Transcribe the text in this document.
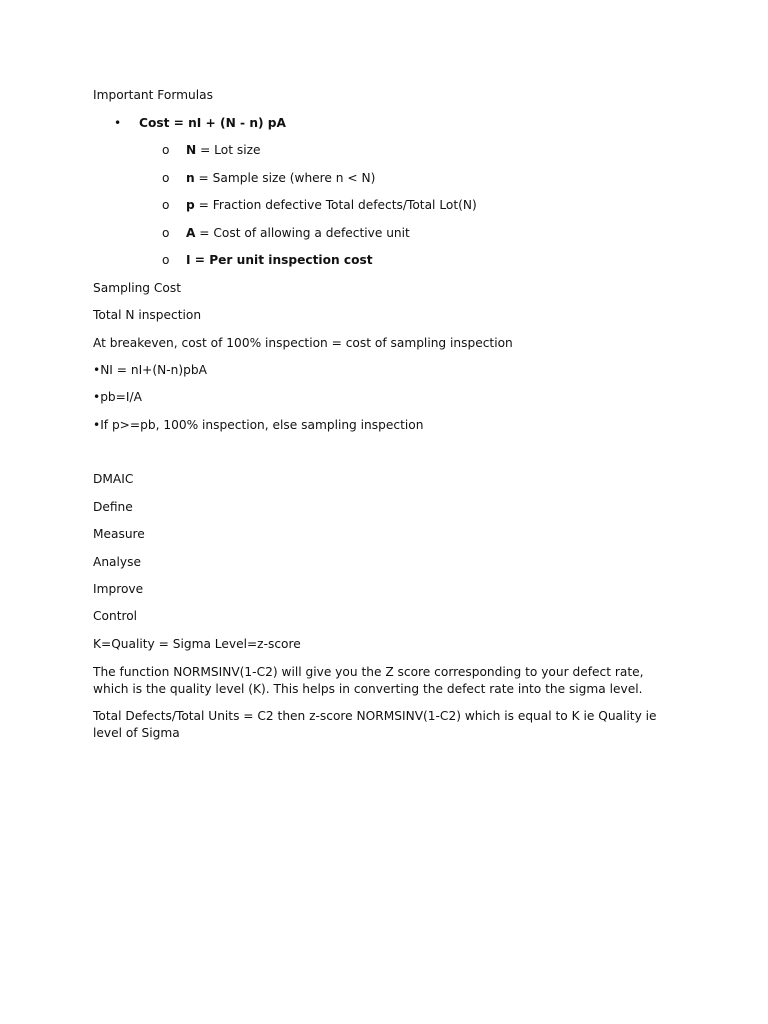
Important Formulas
• Cost = nI + (N - n) pA
o N = Lot size
o n = Sample size (where n < N)
o p = Fraction defective Total defects/Total Lot(N)
o A = Cost of allowing a defective unit
o I = Per unit inspection cost
Sampling Cost
Total N inspection
At breakeven, cost of 100% inspection = cost of sampling inspection
•NI = nI+(N-n)pbA
•pb=I/A
•If p>=pb, 100% inspection, else sampling inspection
DMAIC
Define
Measure
Analyse
Improve
Control
K=Quality = Sigma Level=z-score
The function NORMSINV(1-C2) will give you the Z score corresponding to your defect rate, which is the quality level (K). This helps in converting the defect rate into the sigma level.
Total Defects/Total Units = C2 then z-score NORMSINV(1-C2) which is equal to K ie Quality ie level of Sigma
